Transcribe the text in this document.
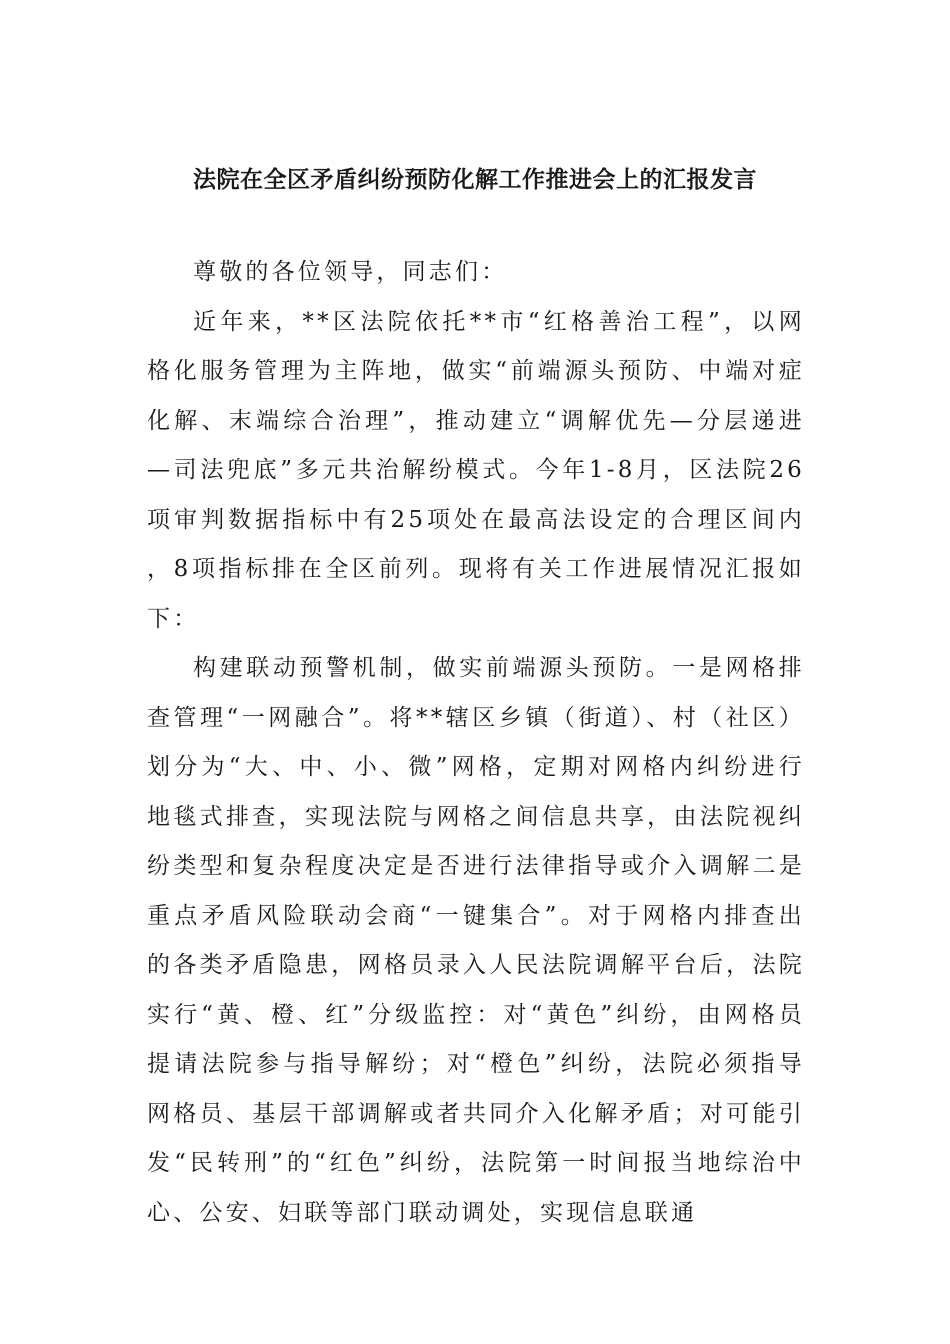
法院在全区矛盾纠纷预防化解工作推进会上的汇报发言

尊敬的各位领导，同志们：

近年来，**区法院依托**市“红格善治工程”，以网格化服务管理为主阵地，做实“前端源头预防、中端对症化解、末端综合治理”，推动建立“调解优先—分层递进—司法兜底”多元共治解纷模式。今年1-8月，区法院26项审判数据指标中有25项处在最高法设定的合理区间内，8项指标排在全区前列。现将有关工作进展情况汇报如下：

构建联动预警机制，做实前端源头预防。一是网格排查管理“一网融合”。将**辖区乡镇（街道）、村（社区）划分为“大、中、小、微”网格，定期对网格内纠纷进行地毯式排查，实现法院与网格之间信息共享，由法院视纠纷类型和复杂程度决定是否进行法律指导或介入调解二是重点矛盾风险联动会商“一键集合”。对于网格内排查出的各类矛盾隐患，网格员录入人民法院调解平台后，法院实行“黄、橙、红”分级监控：对“黄色”纠纷，由网格员提请法院参与指导解纷；对“橙色”纠纷，法院必须指导网格员、基层干部调解或者共同介入化解矛盾；对可能引发“民转刑”的“红色”纠纷，法院第一时间报当地综治中心、公安、妇联等部门联动调处，实现信息联通
